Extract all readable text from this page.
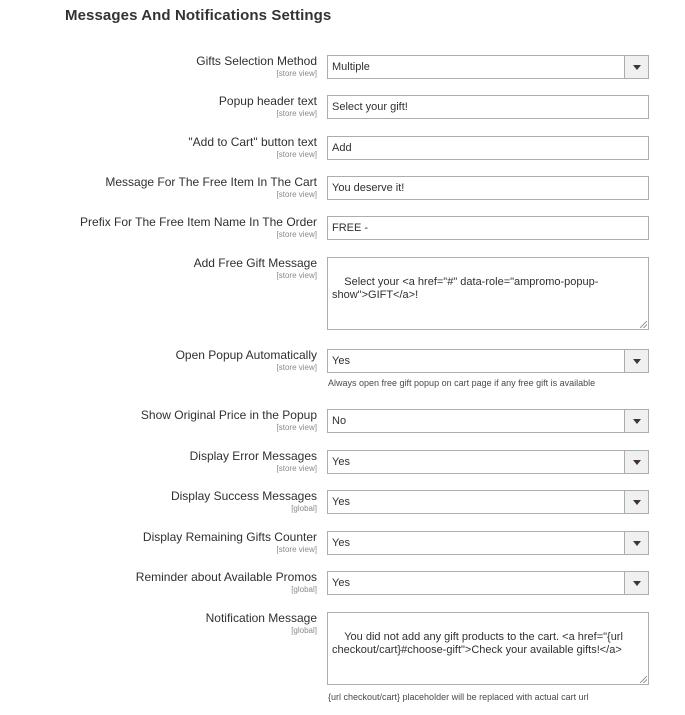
Messages And Notifications Settings
Gifts Selection Method
[store view]
Multiple
Popup header text
[store view]
Select your gift!
"Add to Cart" button text
[store view]
Add
Message For The Free Item In The Cart
[store view]
You deserve it!
Prefix For The Free Item Name In The Order
[store view]
FREE -
Add Free Gift Message
[store view]

Select your <a href="#" data-role="ampromo-popup-show">GIFT</a>!

Open Popup Automatically
[store view]
Yes
Always open free gift popup on cart page if any free gift is available
Show Original Price in the Popup
[store view]
No
Display Error Messages
[store view]
Yes
Display Success Messages
[global]
Yes
Display Remaining Gifts Counter
[store view]
Yes
Reminder about Available Promos
[global]
Yes
Notification Message
[global]

You did not add any gift products to the cart. <a href="{url checkout/cart}#choose-gift">Check your available gifts!</a>

{url checkout/cart} placeholder will be replaced with actual cart url
